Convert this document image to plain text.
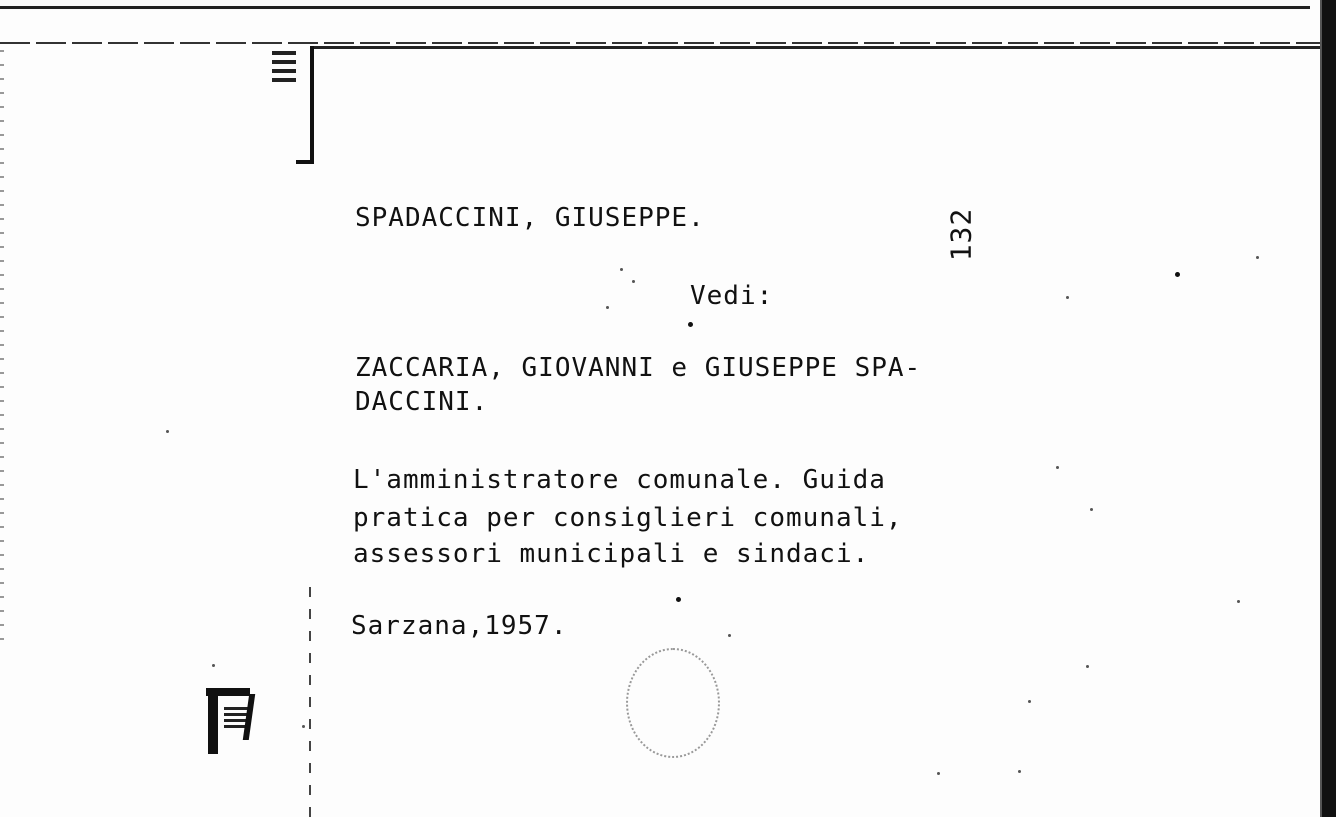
SPADACCINI, GIUSEPPE.	132
Vedi:
ZACCARIA, GIOVANNI e GIUSEPPE SPA-
DACCINI.
L'amministratore comunale. Guida
pratica per consiglieri comunali,
assessori municipali e sindaci.
Sarzana,1957.
